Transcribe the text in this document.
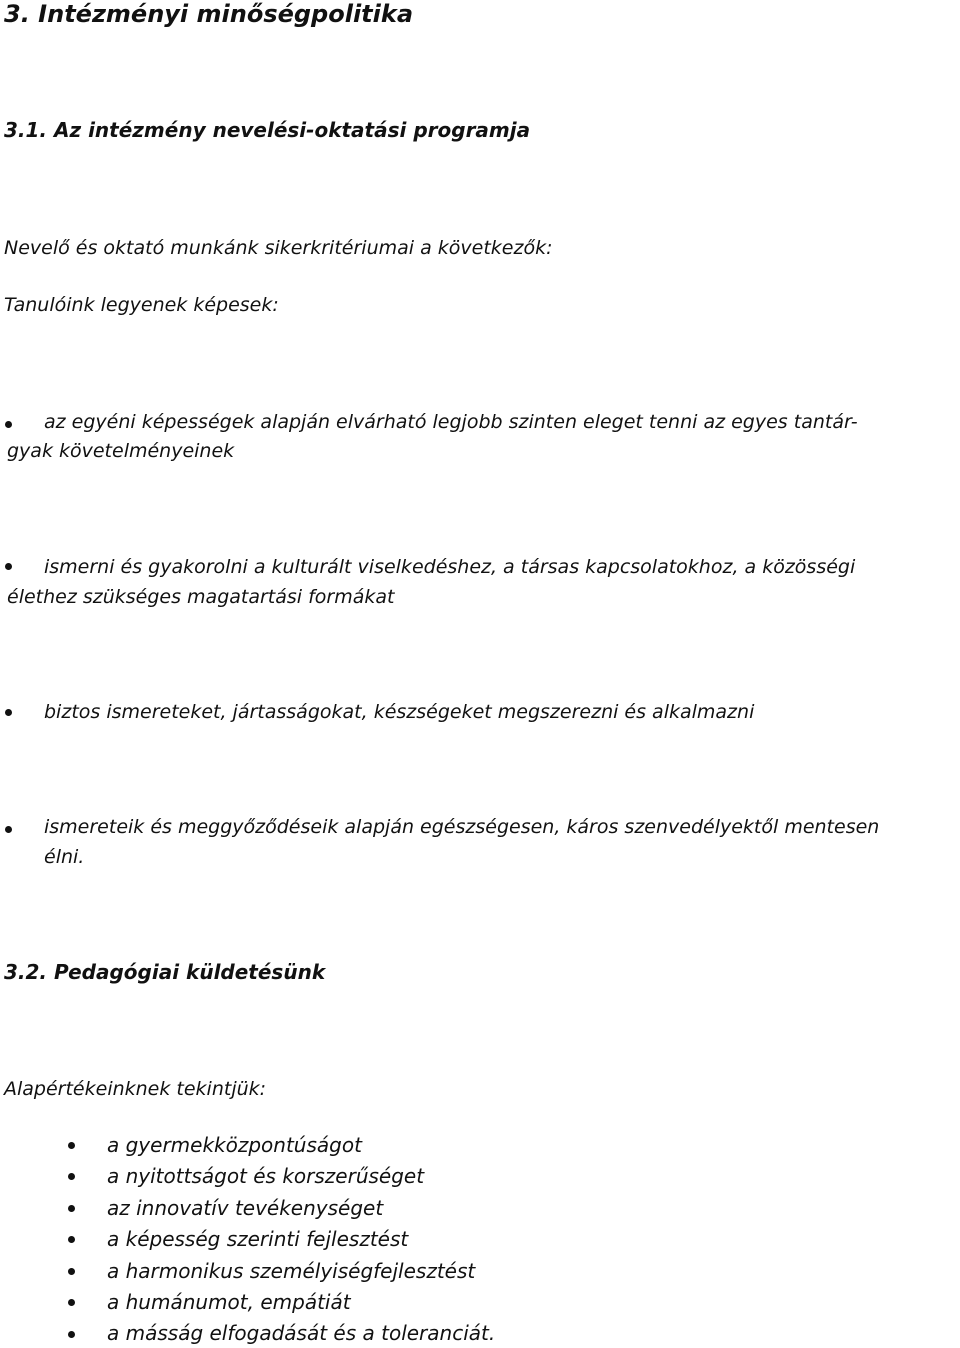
3. Intézményi minőségpolitika
3.1. Az intézmény nevelési-oktatási programja
Nevelő és oktató munkánk sikerkritériumai a következők:
Tanulóink legyenek képesek:
az egyéni képességek alapján elvárható legjobb szinten eleget tenni az egyes tantár-
gyak követelményeinek
ismerni és gyakorolni a kulturált viselkedéshez, a társas kapcsolatokhoz, a közösségi
élethez szükséges magatartási formákat
biztos ismereteket, jártasságokat, készségeket megszerezni és alkalmazni
ismereteik és meggyőződéseik alapján egészségesen, káros szenvedélyektől mentesen
élni.
3.2. Pedagógiai küldetésünk
Alapértékeinknek tekintjük:
a gyermekközpontúságot
a nyitottságot és korszerűséget
az innovatív tevékenységet
a képesség szerinti fejlesztést
a harmonikus személyiségfejlesztést
a humánumot, empátiát
a másság elfogadását és a toleranciát.
